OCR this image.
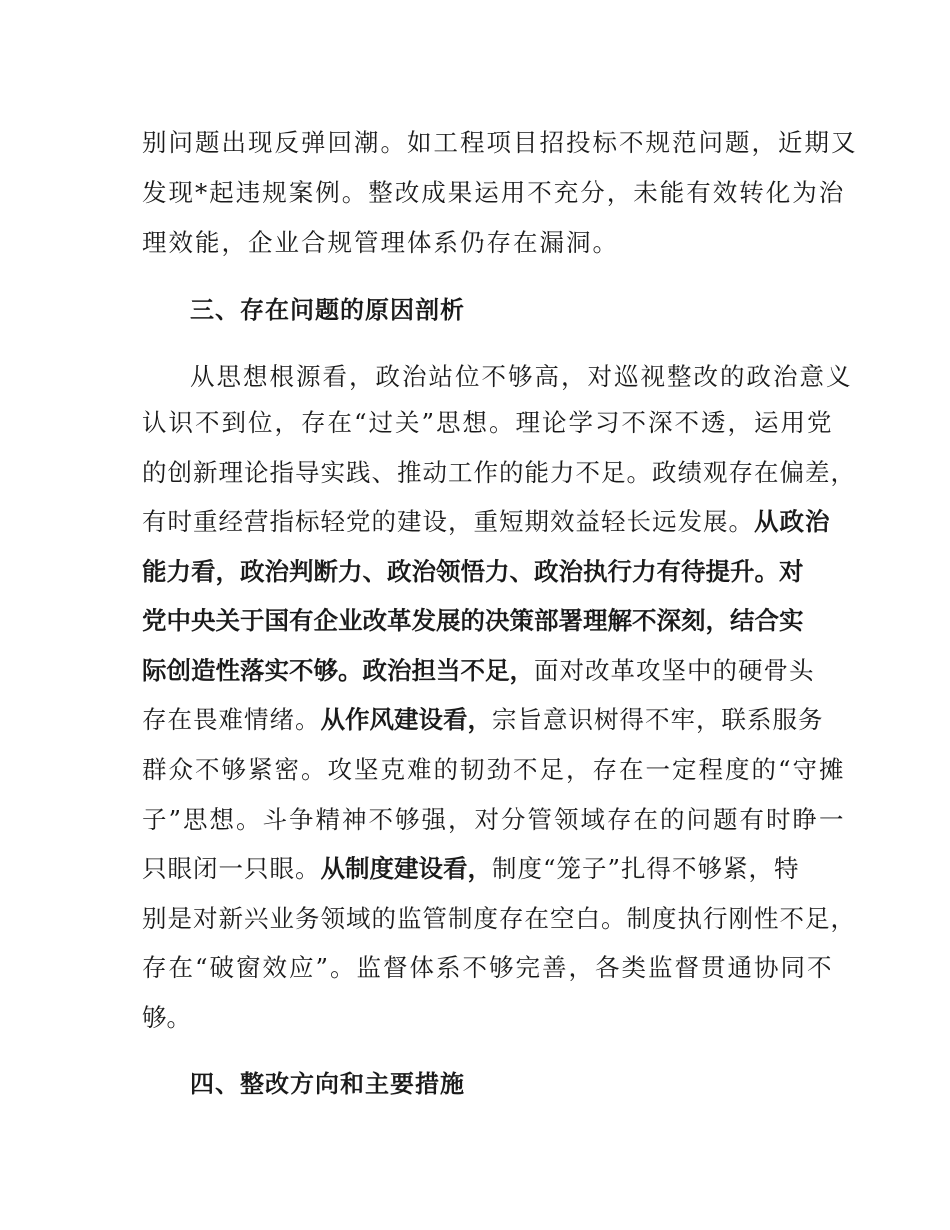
别问题出现反弹回潮。如工程项目招投标不规范问题，近期又
发现*起违规案例。整改成果运用不充分，未能有效转化为治
理效能，企业合规管理体系仍存在漏洞。
三、存在问题的原因剖析
从思想根源看，政治站位不够高，对巡视整改的政治意义
认识不到位，存在“过关”思想。理论学习不深不透，运用党
的创新理论指导实践、推动工作的能力不足。政绩观存在偏差，
有时重经营指标轻党的建设，重短期效益轻长远发展。从政治
能力看，政治判断力、政治领悟力、政治执行力有待提升。对
党中央关于国有企业改革发展的决策部署理解不深刻，结合实
际创造性落实不够。政治担当不足，面对改革攻坚中的硬骨头
存在畏难情绪。从作风建设看，宗旨意识树得不牢，联系服务
群众不够紧密。攻坚克难的韧劲不足，存在一定程度的“守摊
子”思想。斗争精神不够强，对分管领域存在的问题有时睁一
只眼闭一只眼。从制度建设看，制度“笼子”扎得不够紧，特
别是对新兴业务领域的监管制度存在空白。制度执行刚性不足，
存在“破窗效应”。监督体系不够完善，各类监督贯通协同不
够。
四、整改方向和主要措施
